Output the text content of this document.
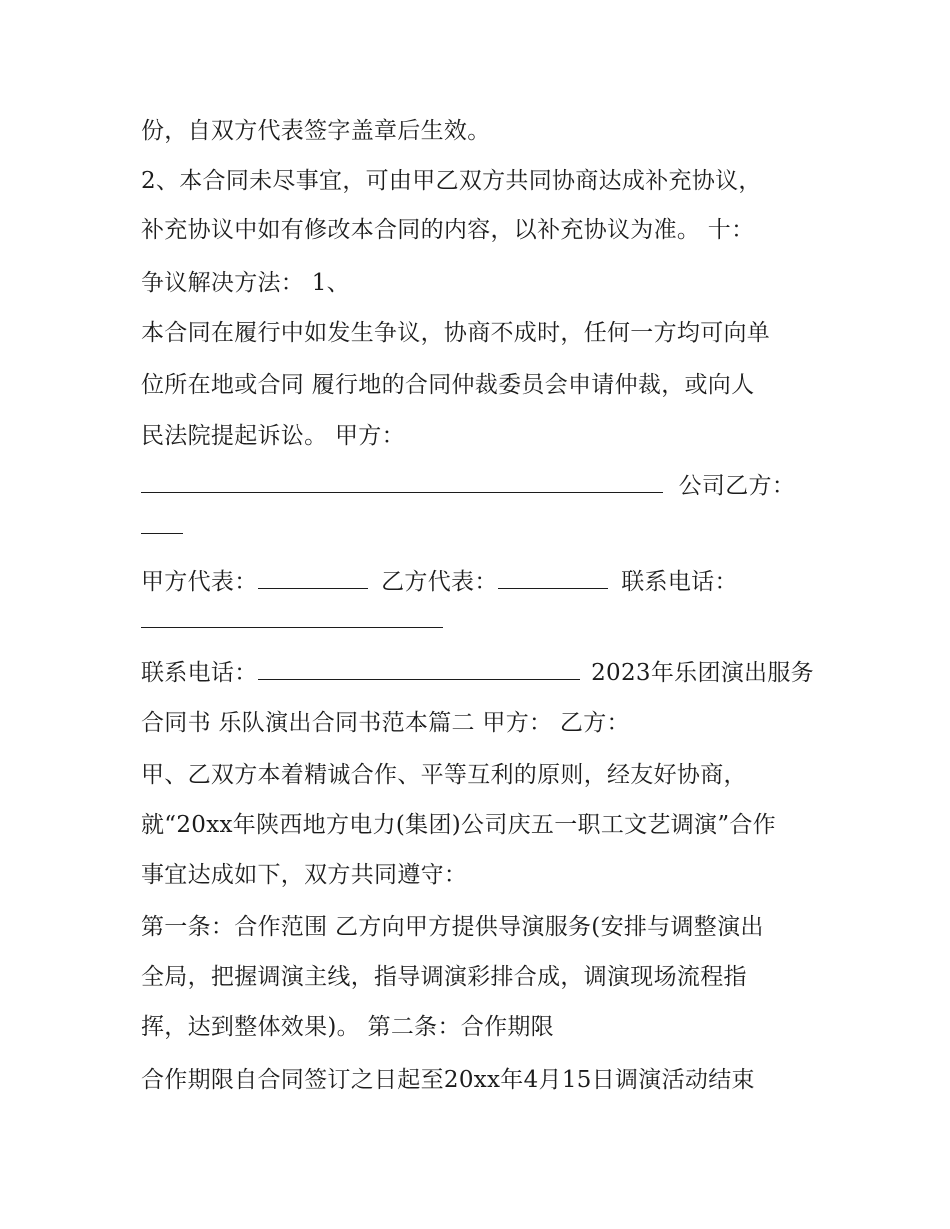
份，自双方代表签字盖章后生效。
2、本合同未尽事宜，可由甲乙双方共同协商达成补充协议，
补充协议中如有修改本合同的内容，以补充协议为准。 十：
争议解决方法： 1、
本合同在履行中如发生争议，协商不成时，任何一方均可向单
位所在地或合同 履行地的合同仲裁委员会申请仲裁，或向人
民法院提起诉讼。 甲方：
公司乙方：
甲方代表：	乙方代表：	联系电话：
联系电话：	2023年乐团演出服务
合同书 乐队演出合同书范本篇二 甲方： 乙方：
甲、乙双方本着精诚合作、平等互利的原则，经友好协商，
就“20xx年陕西地方电力(集团)公司庆五一职工文艺调演”合作
事宜达成如下，双方共同遵守：
第一条：合作范围 乙方向甲方提供导演服务(安排与调整演出
全局，把握调演主线，指导调演彩排合成，调演现场流程指
挥，达到整体效果)。 第二条：合作期限
合作期限自合同签订之日起至20xx年4月15日调演活动结束
